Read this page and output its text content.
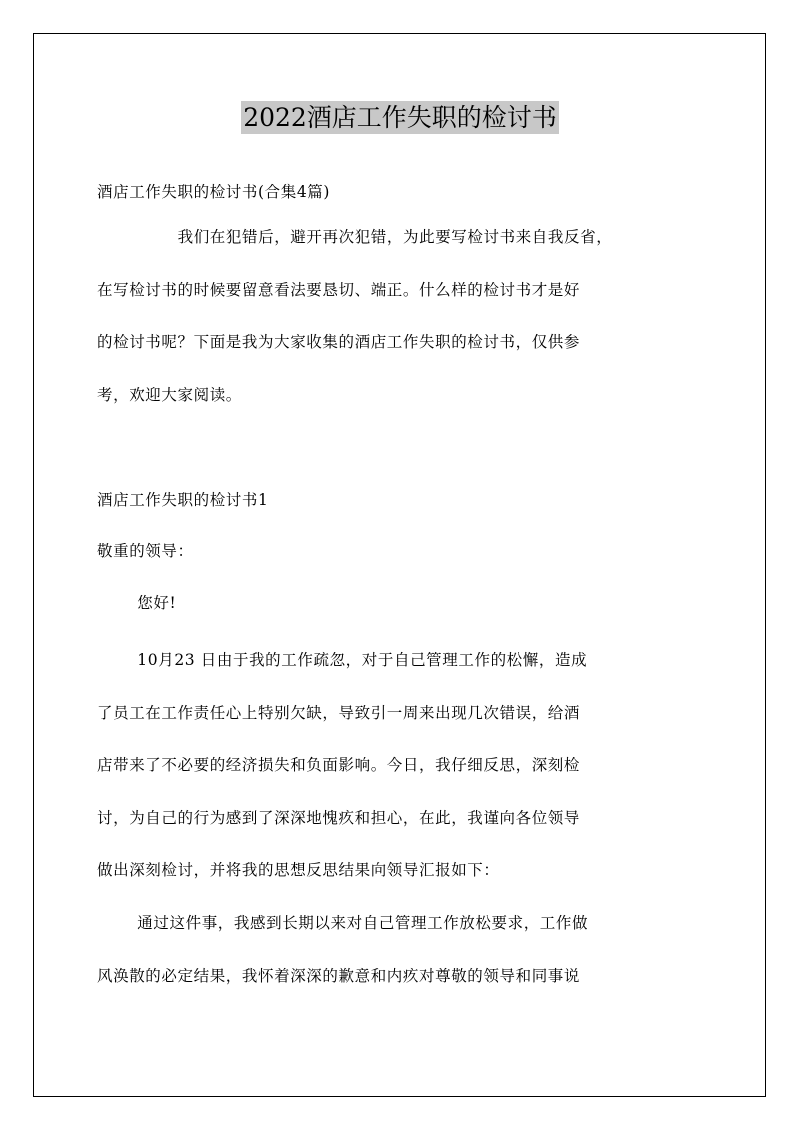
2022酒店工作失职的检讨书

酒店工作失职的检讨书(合集4篇)

我们在犯错后，避开再次犯错，为此要写检讨书来自我反省，
在写检讨书的时候要留意看法要恳切、端正。什么样的检讨书才是好
的检讨书呢？下面是我为大家收集的酒店工作失职的检讨书，仅供参
考，欢迎大家阅读。

酒店工作失职的检讨书1

敬重的领导：

您好!

10月23 日由于我的工作疏忽，对于自己管理工作的松懈，造成
了员工在工作责任心上特别欠缺，导致引一周来出现几次错误，给酒
店带来了不必要的经济损失和负面影响。今日，我仔细反思，深刻检
讨，为自己的行为感到了深深地愧疚和担心，在此，我谨向各位领导
做出深刻检讨，并将我的思想反思结果向领导汇报如下：
通过这件事，我感到长期以来对自己管理工作放松要求，工作做
风涣散的必定结果，我怀着深深的歉意和内疚对尊敬的领导和同事说
